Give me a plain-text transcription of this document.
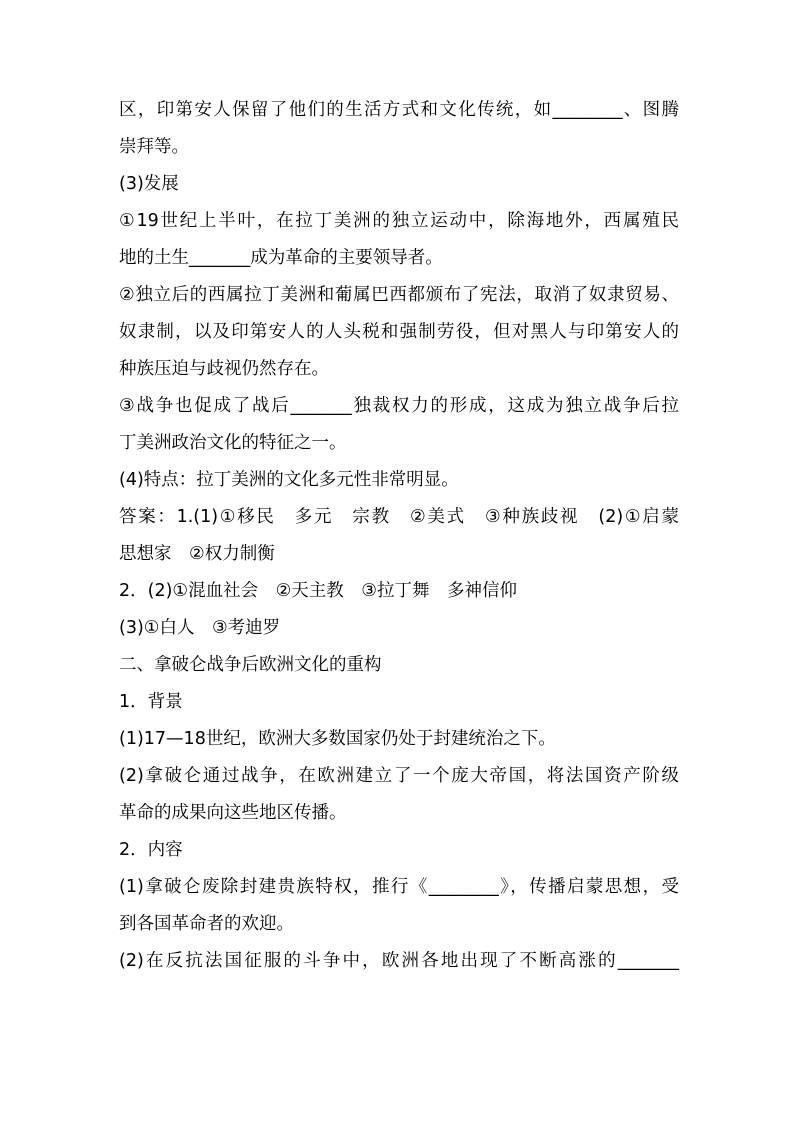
区，印第安人保留了他们的生活方式和文化传统，如________、图腾
崇拜等。
(3)发展
①19世纪上半叶，在拉丁美洲的独立运动中，除海地外，西属殖民
地的土生_______成为革命的主要领导者。
②独立后的西属拉丁美洲和葡属巴西都颁布了宪法，取消了奴隶贸易、
奴隶制，以及印第安人的人头税和强制劳役，但对黑人与印第安人的
种族压迫与歧视仍然存在。
③战争也促成了战后_______独裁权力的形成，这成为独立战争后拉
丁美洲政治文化的特征之一。
(4)特点：拉丁美洲的文化多元性非常明显。
答案：1.(1)①移民　多元　宗教　②美式　③种族歧视　(2)①启蒙
思想家　②权力制衡
2．(2)①混血社会　②天主教　③拉丁舞　多神信仰
(3)①白人　③考迪罗
二、拿破仑战争后欧洲文化的重构
1．背景
(1)17—18世纪，欧洲大多数国家仍处于封建统治之下。
(2)拿破仑通过战争，在欧洲建立了一个庞大帝国，将法国资产阶级
革命的成果向这些地区传播。
2．内容
(1)拿破仑废除封建贵族特权，推行《________》，传播启蒙思想，受
到各国革命者的欢迎。
(2)在反抗法国征服的斗争中，欧洲各地出现了不断高涨的_______
